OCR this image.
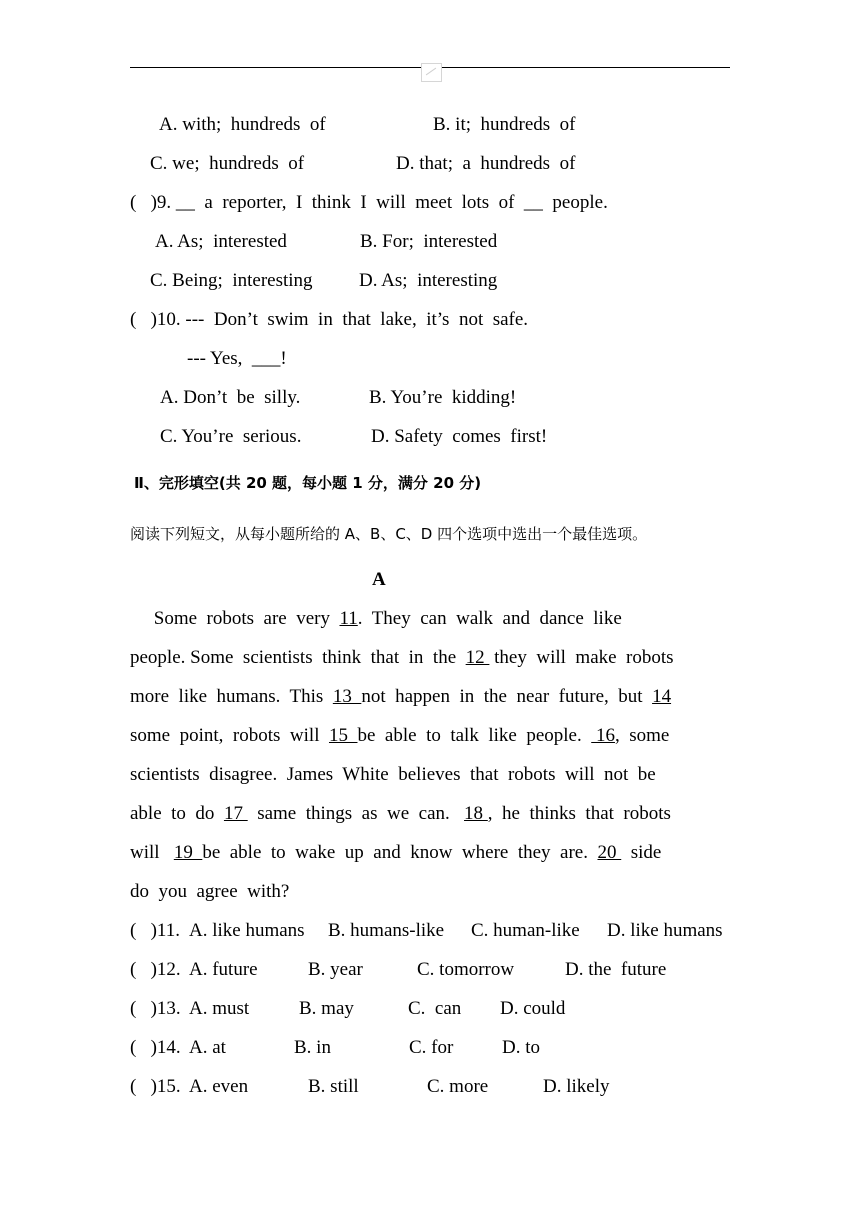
A. with;  hundreds  of	B. it;  hundreds  of
C. we;  hundreds  of	D. that;  a  hundreds  of
(   )9. __  a  reporter,  I  think  I  will  meet  lots  of  __  people.
A. As;  interested	B. For;  interested
C. Being;  interesting D. As;  interesting
(   )10. ---  Don’t  swim  in  that  lake,  it’s  not  safe.
--- Yes,  ___!
A. Don’t  be  silly.	B. You’re  kidding!
C. You’re  serious.	D. Safety  comes  first!
Ⅱ、完形填空(共 20 题，每小题 1 分，满分 20 分)
阅读下列短文，从每小题所给的 A、B、C、D 四个选项中选出一个最佳选项。
A
Some  robots  are  very  11.  They  can  walk  and  dance  like
people. Some  scientists  think  that  in  the  12  they  will  make  robots
more  like  humans.  This  13  not  happen  in  the  near  future,  but  14
some  point,  robots  will  15  be  able  to  talk  like  people.   16,  some
scientists  disagree.  James  White  believes  that  robots  will  not  be
able  to  do  17   same  things  as  we  can.   18 ,  he  thinks  that  robots
will   19  be  able  to  wake  up  and  know  where  they  are.  20   side
do  you  agree  with?
(   )11. A. like humans B. humans-like C. human-like D. like humans
(   )12. A. future	B. year	C. tomorrow	D. the  future
(   )13. A. must	B. may	C.  can D. could
(   )14. A. at	B. in	C. for	D. to
(   )15. A. even	B. still	C. more	D. likely
